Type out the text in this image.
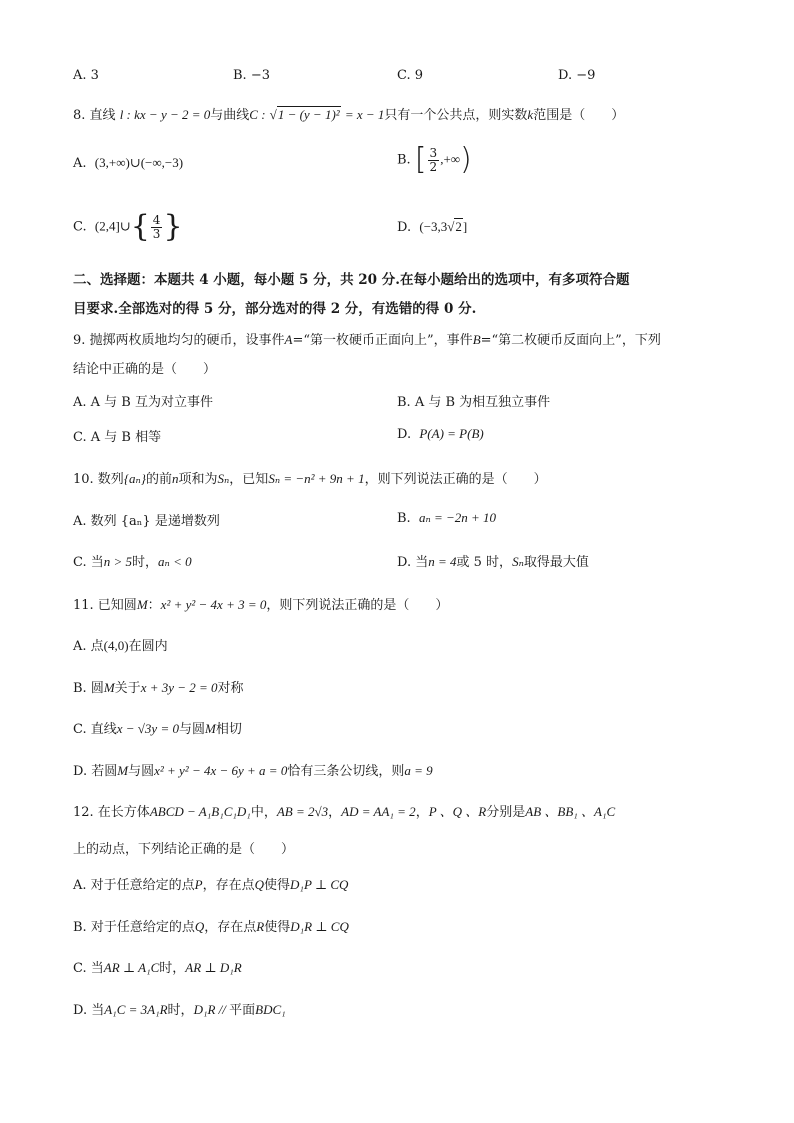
A. 3	B. −3	C. 9	D. −9
8. 直线 l : kx − y − 2 = 0与曲线C : √1 − (y − 1)² = x − 1只有一个公共点，则实数k范围是（　　）
A. (3,+∞)∪(−∞,−3)	B. [ $\frac{3}{2}$ ,+∞)
C. (2,4]∪{ $\frac{4}{3}$ }	D. (−3,3√2]
二、选择题：本题共 4 小题，每小题 5 分，共 20 分.在每小题给出的选项中，有多项符合题
目要求.全部选对的得 5 分，部分选对的得 2 分，有选错的得 0 分.
9. 抛掷两枚质地均匀的硬币，设事件A=“第一枚硬币正面向上”，事件B=“第二枚硬币反面向上”，下列
结论中正确的是（　　）
A. A 与 B 互为对立事件	B. A 与 B 为相互独立事件
C. A 与 B 相等	D. P(A) = P(B)
10. 数列{aₙ}的前n项和为Sₙ，已知Sₙ = −n² + 9n + 1，则下列说法正确的是（　　）
A. 数列 {aₙ} 是递增数列	B. aₙ = −2n + 10
C. 当n > 5时，aₙ < 0	D. 当n = 4或 5 时，Sₙ取得最大值
11. 已知圆M：x² + y² − 4x + 3 = 0，则下列说法正确的是（　　）
A. 点(4,0)在圆内
B. 圆M关于x + 3y − 2 = 0对称
C. 直线x − √3y = 0与圆M相切
D. 若圆M与圆x² + y² − 4x − 6y + a = 0恰有三条公切线，则a = 9
12. 在长方体ABCD − A₁B₁C₁D₁中，AB = 2√3，AD = AA₁ = 2，P 、Q 、R分别是AB 、BB₁ 、A₁C
上的动点，下列结论正确的是（　　）
A. 对于任意给定的点P，存在点Q使得D₁P ⊥ CQ
B. 对于任意给定的点Q，存在点R使得D₁R ⊥ CQ
C. 当AR ⊥ A₁C时，AR ⊥ D₁R
D. 当A₁C = 3A₁R时，D₁R // 平面BDC₁
